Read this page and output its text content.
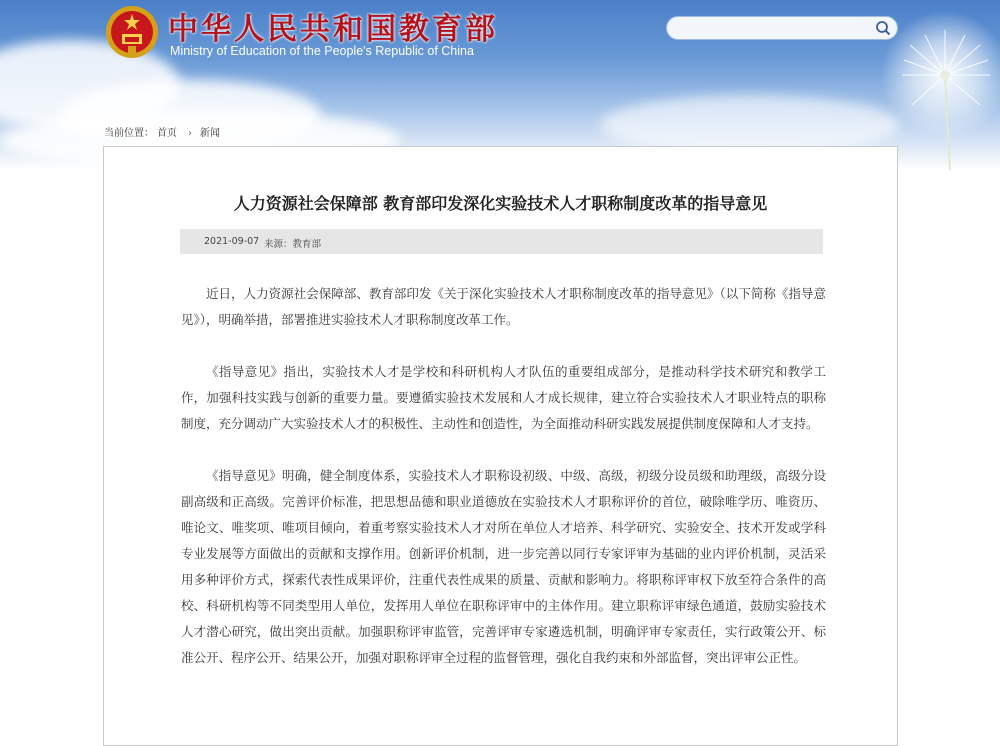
中华人民共和国教育部
Ministry of Education of the People's Republic of China
当前位置： 首页 › 新闻
人力资源社会保障部 教育部印发深化实验技术人才职称制度改革的指导意见
2021-09-07 来源：教育部

近日，人力资源社会保障部、教育部印发《关于深化实验技术人才职称制度改革的指导意见》（以下简称《指导意见》），明确举措，部署推进实验技术人才职称制度改革工作。

《指导意见》指出，实验技术人才是学校和科研机构人才队伍的重要组成部分，是推动科学技术研究和教学工作，加强科技实践与创新的重要力量。要遵循实验技术发展和人才成长规律，建立符合实验技术人才职业特点的职称制度，充分调动广大实验技术人才的积极性、主动性和创造性，为全面推动科研实践发展提供制度保障和人才支持。

《指导意见》明确，健全制度体系，实验技术人才职称设初级、中级、高级，初级分设员级和助理级，高级分设副高级和正高级。完善评价标准，把思想品德和职业道德放在实验技术人才职称评价的首位，破除唯学历、唯资历、唯论文、唯奖项、唯项目倾向，着重考察实验技术人才对所在单位人才培养、科学研究、实验安全、技术开发或学科专业发展等方面做出的贡献和支撑作用。创新评价机制，进一步完善以同行专家评审为基础的业内评价机制，灵活采用多种评价方式，探索代表性成果评价，注重代表性成果的质量、贡献和影响力。将职称评审权下放至符合条件的高校、科研机构等不同类型用人单位，发挥用人单位在职称评审中的主体作用。建立职称评审绿色通道，鼓励实验技术人才潜心研究，做出突出贡献。加强职称评审监管，完善评审专家遴选机制，明确评审专家责任，实行政策公开、标准公开、程序公开、结果公开，加强对职称评审全过程的监督管理，强化自我约束和外部监督，突出评审公正性。
